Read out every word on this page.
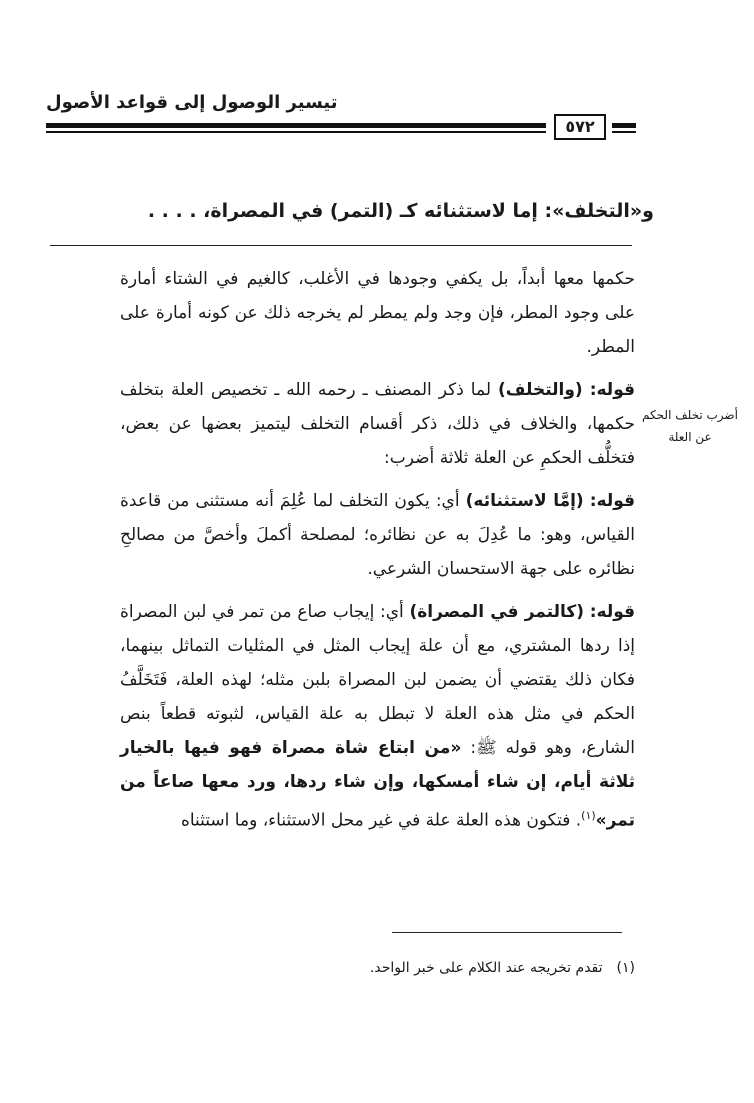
تيسير الوصول إلى قواعد الأصول
٥٧٢

و«التخلف»: إما لاستثنائه كـ (التمر) في المصراة، . . . .

أضرب تخلف الحكم عن العلة

حكمها معها أبداً، بل يكفي وجودها في الأغلب، كالغيم في الشتاء أمارة على وجود المطر، فإن وجد ولم يمطر لم يخرجه ذلك عن كونه أمارة على المطر.

قوله: (والتخلف) لما ذكر المصنف ـ رحمه الله ـ تخصيص العلة بتخلف حكمها، والخلاف في ذلك، ذكر أقسام التخلف ليتميز بعضها عن بعض، فتخلُّف الحكمِ عن العلة ثلاثة أضرب:

قوله: (إمَّا لاستثنائه) أي: يكون التخلف لما عُلِمَ أنه مستثنى من قاعدة القياس، وهو: ما عُدِلَ به عن نظائره؛ لمصلحة أكملَ وأخصَّ من مصالحِ نظائره على جهة الاستحسان الشرعي.

قوله: (كالتمر في المصراة) أي: إيجاب صاع من تمر في لبن المصراة إذا ردها المشتري، مع أن علة إيجاب المثل في المثليات التماثل بينهما، فكان ذلك يقتضي أن يضمن لبن المصراة بلبن مثله؛ لهذه العلة، فَتَخَلَّفُ الحكم في مثل هذه العلة لا تبطل به علة القياس، لثبوته قطعاً بنص الشارع، وهو قوله ﷺ: «من ابتاع شاة مصراة فهو فيها بالخيار ثلاثة أيام، إن شاء أمسكها، وإن شاء ردها، ورد معها صاعاً من تمر»$^{(١)}$. فتكون هذه العلة علة في غير محل الاستثناء، وما استثناه

(١)تقدم تخريجه عند الكلام على خبر الواحد.
